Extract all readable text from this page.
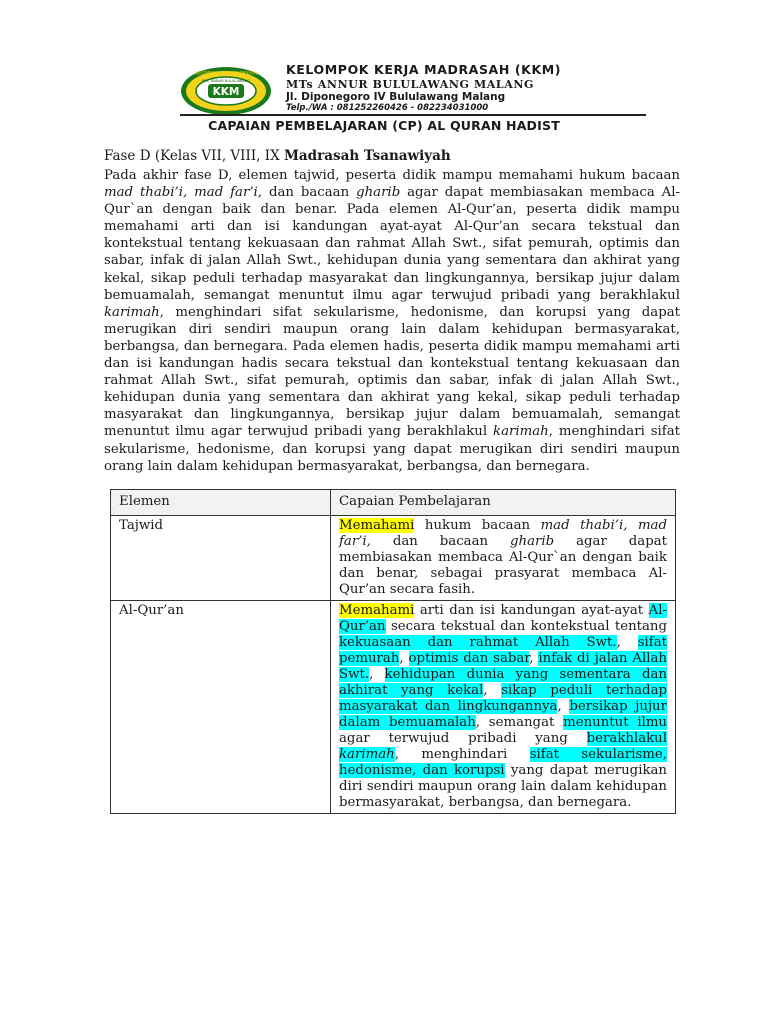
KELOMPOK KERJA MADRASAH
MTs. ANNUR BULULAWANG
KKM
KELOMPOK KERJA MADRASAH (KKM)
MTs ANNUR BULULAWANG MALANG
Jl. Diponegoro IV Bululawang Malang
Telp./WA : 081252260426 - 082234031000
CAPAIAN PEMBELAJARAN (CP) AL QURAN HADIST
Fase D (Kelas VII, VIII, IX Madrasah Tsanawiyah

Pada akhir fase D, elemen tajwid, peserta didik mampu memahami hukum bacaan mad thabi’i, mad far’i, dan bacaan gharib agar dapat membiasakan membaca Al-Qur`an dengan baik dan benar. Pada elemen Al-Qur’an, peserta didik mampu memahami arti dan isi kandungan ayat-ayat Al-Qur’an secara tekstual dan kontekstual tentang kekuasaan dan rahmat Allah Swt., sifat pemurah, optimis dan sabar, infak di jalan Allah Swt., kehidupan dunia yang sementara dan akhirat yang kekal, sikap peduli terhadap masyarakat dan lingkungannya, bersikap jujur dalam bemuamalah, semangat menuntut ilmu agar terwujud pribadi yang berakhlakul karimah, menghindari sifat sekularisme, hedonisme, dan korupsi yang dapat merugikan diri sendiri maupun orang lain dalam kehidupan bermasyarakat, berbangsa, dan bernegara. Pada elemen hadis, peserta didik mampu memahami arti dan isi kandungan hadis secara tekstual dan kontekstual tentang kekuasaan dan rahmat Allah Swt., sifat pemurah, optimis dan sabar, infak di jalan Allah Swt., kehidupan dunia yang sementara dan akhirat yang kekal, sikap peduli terhadap masyarakat dan lingkungannya, bersikap jujur dalam bemuamalah, semangat menuntut ilmu agar terwujud pribadi yang berakhlakul karimah, menghindari sifat sekularisme, hedonisme, dan korupsi yang dapat merugikan diri sendiri maupun orang lain dalam kehidupan bermasyarakat, berbangsa, dan bernegara.

Elemen	Capaian Pembelajaran
Tajwid	Memahami hukum bacaan mad thabi’i, mad far’i, dan bacaan gharib agar dapat membiasakan membaca Al-Qur`an dengan baik dan benar, sebagai prasyarat membaca Al-Qur’an secara fasih.
Al-Qur’an	Memahami arti dan isi kandungan ayat-ayat Al-Qur’an secara tekstual dan kontekstual tentang kekuasaan dan rahmat Allah Swt., sifat pemurah, optimis dan sabar, infak di jalan Allah Swt., kehidupan dunia yang sementara dan akhirat yang kekal, sikap peduli terhadap masyarakat dan lingkungannya, bersikap jujur dalam bemuamalah, semangat menuntut ilmu agar terwujud pribadi yang berakhlakul karimah, menghindari sifat sekularisme, hedonisme, dan korupsi yang dapat merugikan diri sendiri maupun orang lain dalam kehidupan bermasyarakat, berbangsa, dan bernegara.
